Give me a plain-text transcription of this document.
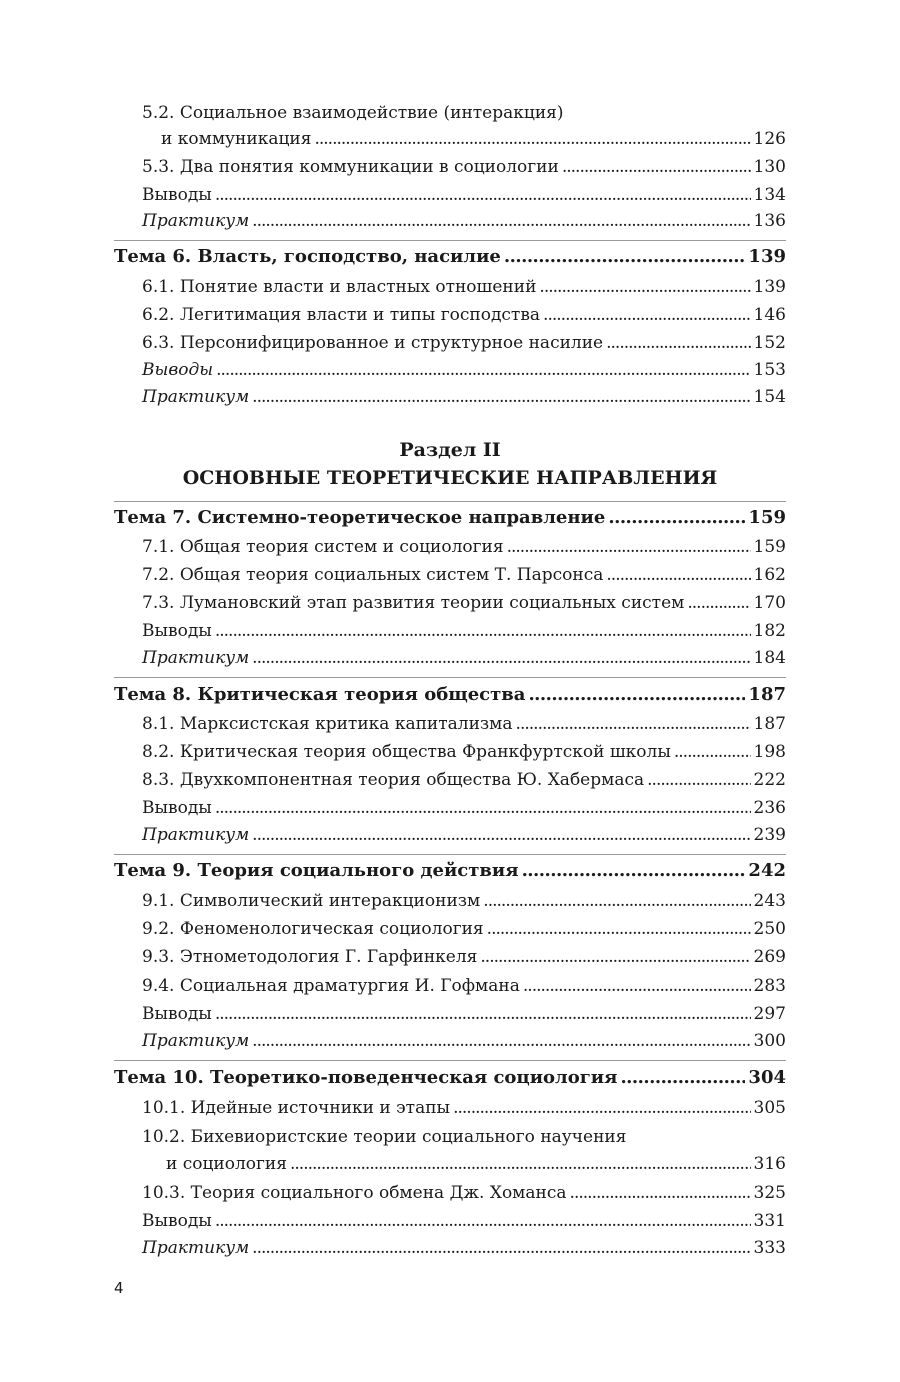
5.2. Социальное взаимодействие (интеракция)
и коммуникация . . .	126
5.3. Два понятия коммуникации в социологии . . .	130
Выводы . . .	134
Практикум . . .	136
Тема 6. Власть, господство, насилие . . .	139
6.1. Понятие власти и властных отношений . . .	139
6.2. Легитимация власти и типы господства . . .	146
6.3. Персонифицированное и структурное насилие . . .	152
Выводы . . .	153
Практикум . . .	154
Раздел II
ОСНОВНЫЕ ТЕОРЕТИЧЕСКИЕ НАПРАВЛЕНИЯ
Тема 7. Системно-теоретическое направление . . .	159
7.1. Общая теория систем и социология . . .	159
7.2. Общая теория социальных систем Т. Парсонса . . .	162
7.3. Лумановский этап развития теории социальных систем . . .	170
Выводы . . .	182
Практикум . . .	184
Тема 8. Критическая теория общества . . .	187
8.1. Марксистская критика капитализма . . .	187
8.2. Критическая теория общества Франкфуртской школы . . .	198
8.3. Двухкомпонентная теория общества Ю. Хабермаса . . .	222
Выводы . . .	236
Практикум . . .	239
Тема 9. Теория социального действия . . .	242
9.1. Символический интеракционизм . . .	243
9.2. Феноменологическая социология . . .	250
9.3. Этнометодология Г. Гарфинкеля . . .	269
9.4. Социальная драматургия И. Гофмана . . .	283
Выводы . . .	297
Практикум . . .	300
Тема 10. Теоретико-поведенческая социология . . .	304
10.1. Идейные источники и этапы . . .	305
10.2. Бихевиористские теории социального научения
и социология . . .	316
10.3. Теория социального обмена Дж. Хоманса . . .	325
Выводы . . .	331
Практикум . . .	333
4
